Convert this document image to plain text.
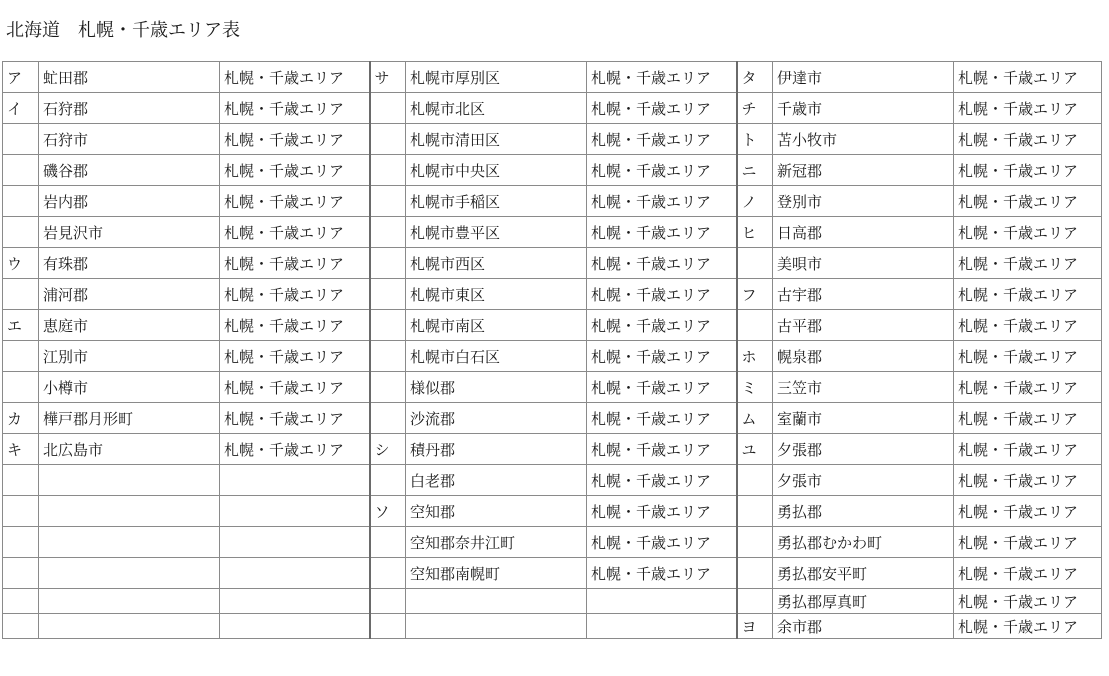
北海道　札幌・千歳エリア表
ア	虻田郡	札幌・千歳エリア	サ	札幌市厚別区	札幌・千歳エリア	タ	伊達市	札幌・千歳エリア
イ	石狩郡	札幌・千歳エリア		札幌市北区	札幌・千歳エリア	チ	千歳市	札幌・千歳エリア
	石狩市	札幌・千歳エリア		札幌市清田区	札幌・千歳エリア	ト	苫小牧市	札幌・千歳エリア
	磯谷郡	札幌・千歳エリア		札幌市中央区	札幌・千歳エリア	ニ	新冠郡	札幌・千歳エリア
	岩内郡	札幌・千歳エリア		札幌市手稲区	札幌・千歳エリア	ノ	登別市	札幌・千歳エリア
	岩見沢市	札幌・千歳エリア		札幌市豊平区	札幌・千歳エリア	ヒ	日高郡	札幌・千歳エリア
ウ	有珠郡	札幌・千歳エリア		札幌市西区	札幌・千歳エリア		美唄市	札幌・千歳エリア
	浦河郡	札幌・千歳エリア		札幌市東区	札幌・千歳エリア	フ	古宇郡	札幌・千歳エリア
エ	恵庭市	札幌・千歳エリア		札幌市南区	札幌・千歳エリア		古平郡	札幌・千歳エリア
	江別市	札幌・千歳エリア		札幌市白石区	札幌・千歳エリア	ホ	幌泉郡	札幌・千歳エリア
	小樽市	札幌・千歳エリア		様似郡	札幌・千歳エリア	ミ	三笠市	札幌・千歳エリア
カ	樺戸郡月形町	札幌・千歳エリア		沙流郡	札幌・千歳エリア	ム	室蘭市	札幌・千歳エリア
キ	北広島市	札幌・千歳エリア	シ	積丹郡	札幌・千歳エリア	ユ	夕張郡	札幌・千歳エリア
				白老郡	札幌・千歳エリア		夕張市	札幌・千歳エリア
			ソ	空知郡	札幌・千歳エリア		勇払郡	札幌・千歳エリア
				空知郡奈井江町	札幌・千歳エリア		勇払郡むかわ町	札幌・千歳エリア
				空知郡南幌町	札幌・千歳エリア		勇払郡安平町	札幌・千歳エリア
							勇払郡厚真町	札幌・千歳エリア
						ヨ	余市郡	札幌・千歳エリア
